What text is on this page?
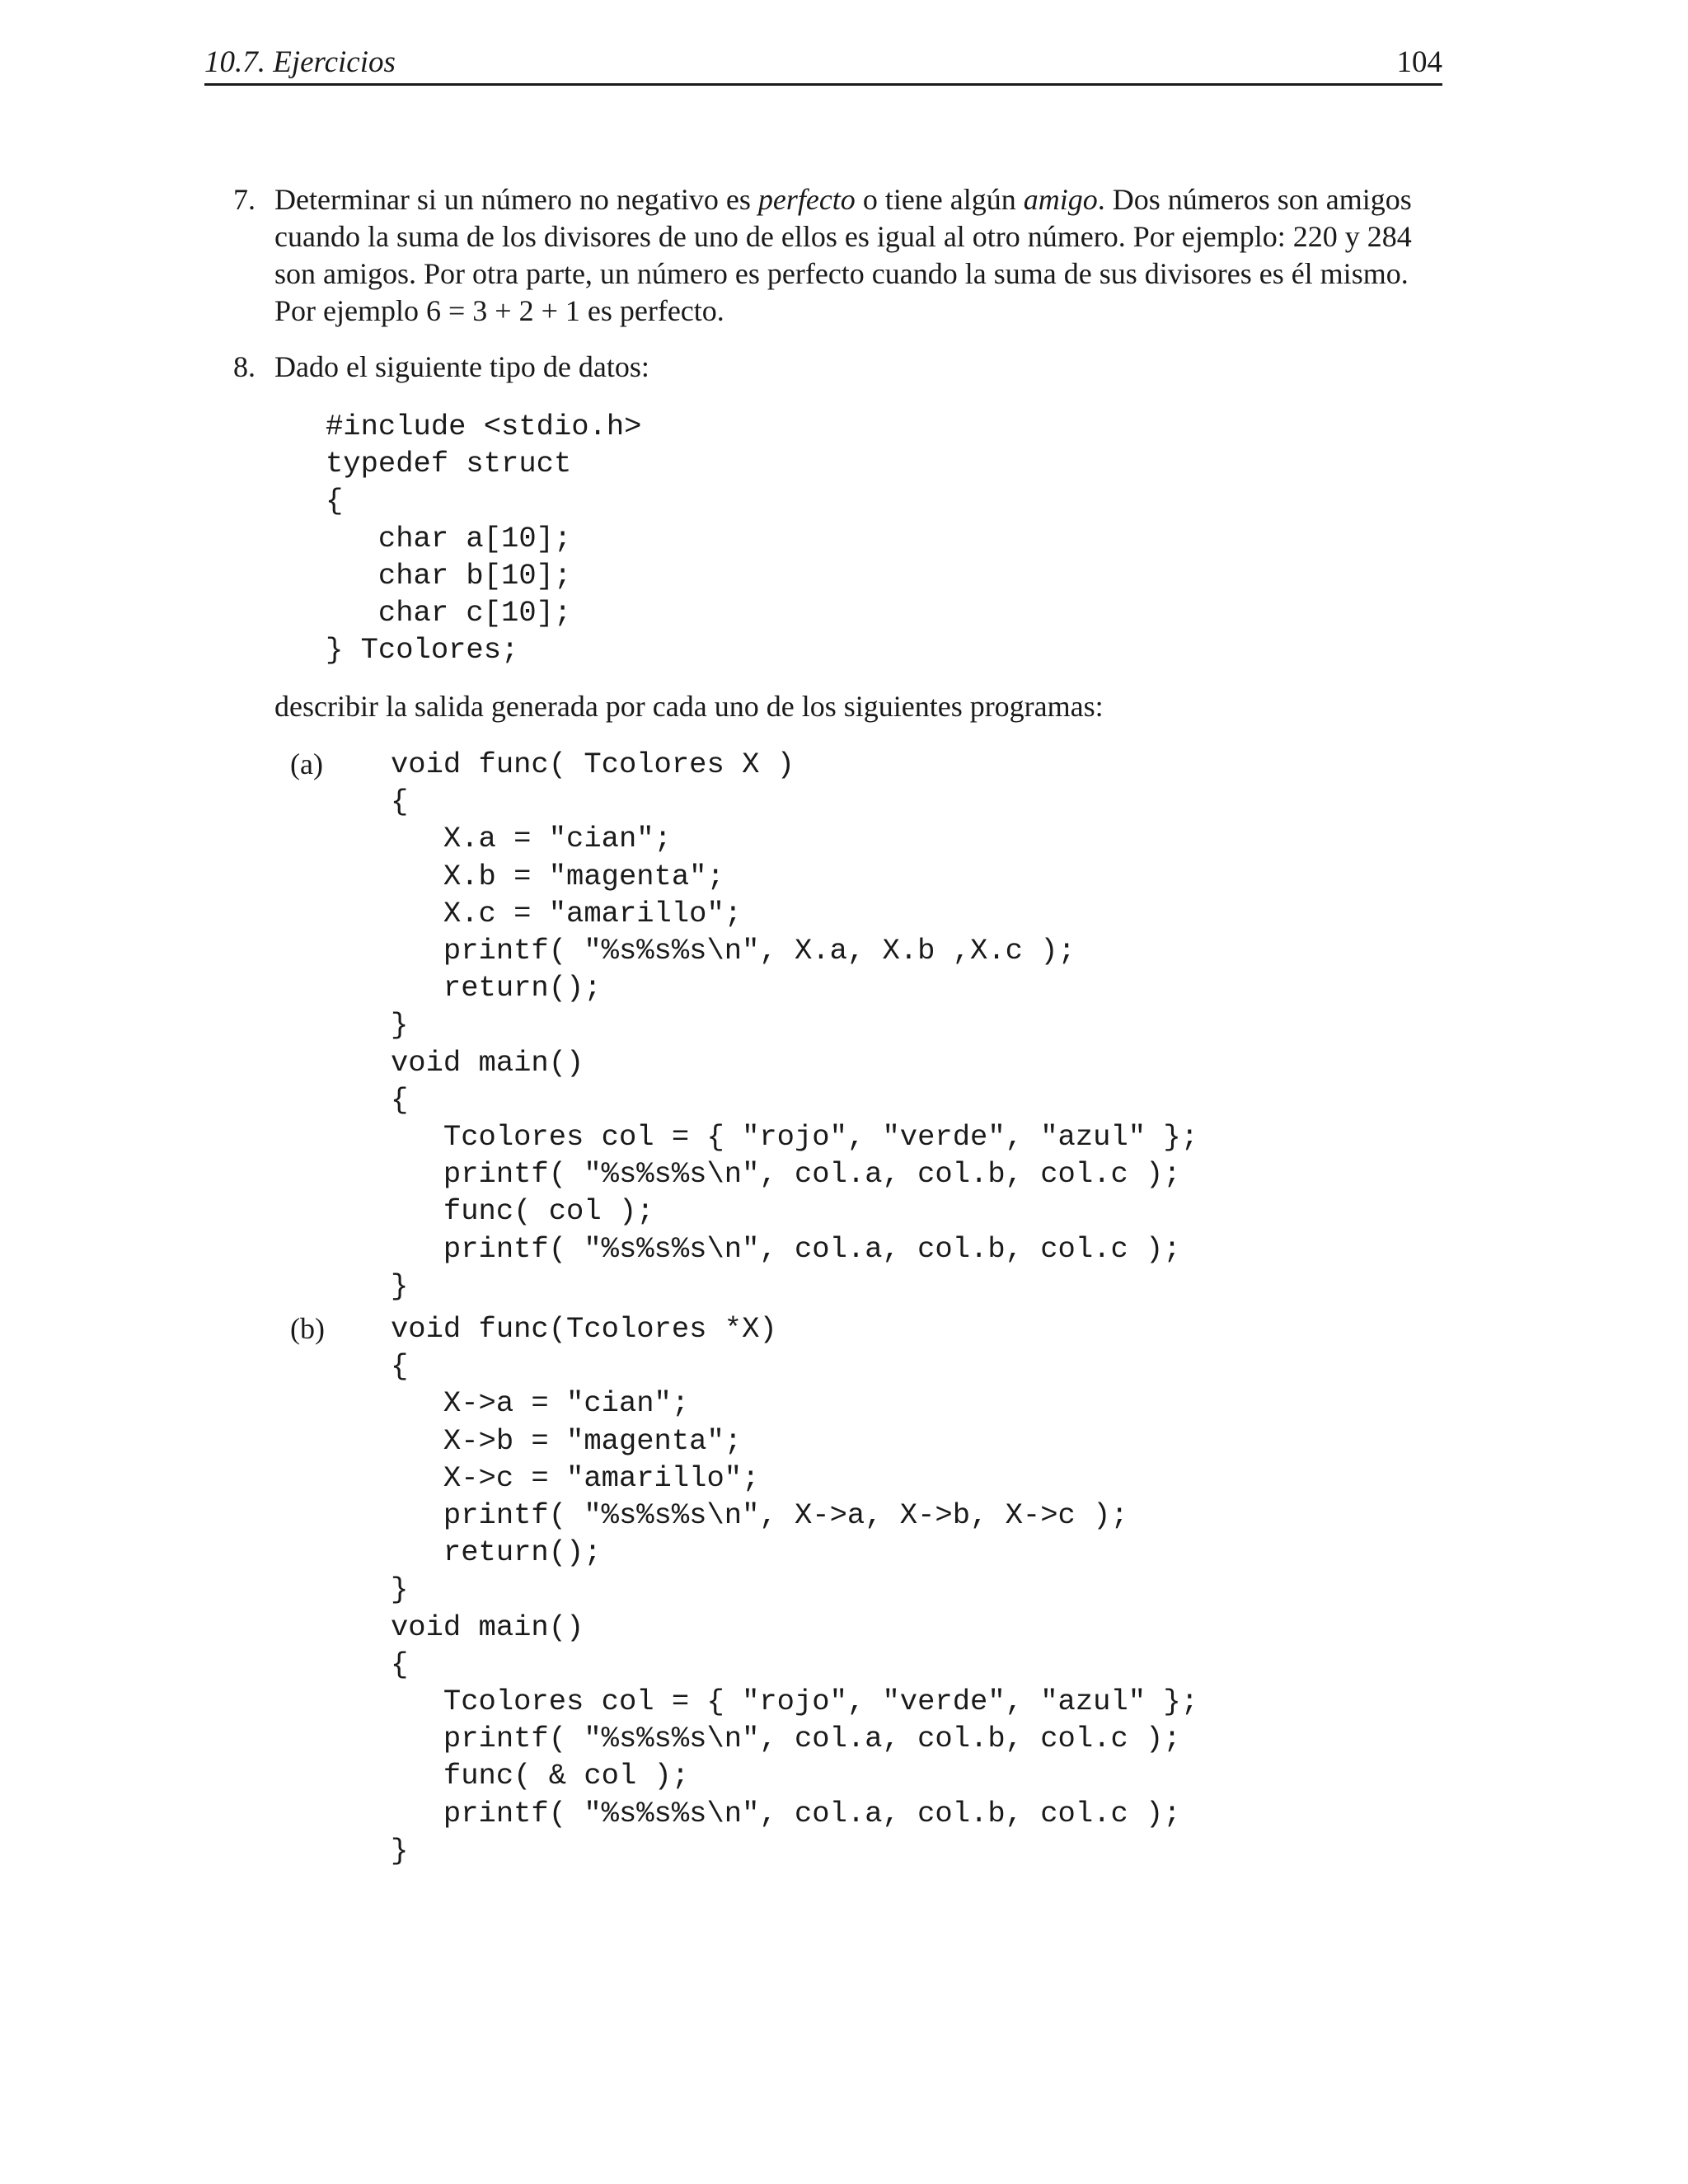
10.7. Ejercicios	104
7. Determinar si un número no negativo es perfecto o tiene algún amigo. Dos números son amigos
cuando la suma de los divisores de uno de ellos es igual al otro número. Por ejemplo: 220 y 284
son amigos. Por otra parte, un número es perfecto cuando la suma de sus divisores es él mismo.
Por ejemplo 6 = 3 + 2 + 1 es perfecto.
8. Dado el siguiente tipo de datos:
#include <stdio.h>
typedef struct
{
char a[10];
char b[10];
char c[10];
} Tcolores;
describir la salida generada por cada uno de los siguientes programas:
(a) void func( Tcolores X )
{
X.a = "cian";
X.b = "magenta";
X.c = "amarillo";
printf( "%s%s%s\n", X.a, X.b ,X.c );
return();
}
void main()
{
Tcolores col = { "rojo", "verde", "azul" };
printf( "%s%s%s\n", col.a, col.b, col.c );
func( col );
printf( "%s%s%s\n", col.a, col.b, col.c );
}
(b) void func(Tcolores *X)
{
X->a = "cian";
X->b = "magenta";
X->c = "amarillo";
printf( "%s%s%s\n", X->a, X->b, X->c );
return();
}
void main()
{
Tcolores col = { "rojo", "verde", "azul" };
printf( "%s%s%s\n", col.a, col.b, col.c );
func( & col );
printf( "%s%s%s\n", col.a, col.b, col.c );
}
